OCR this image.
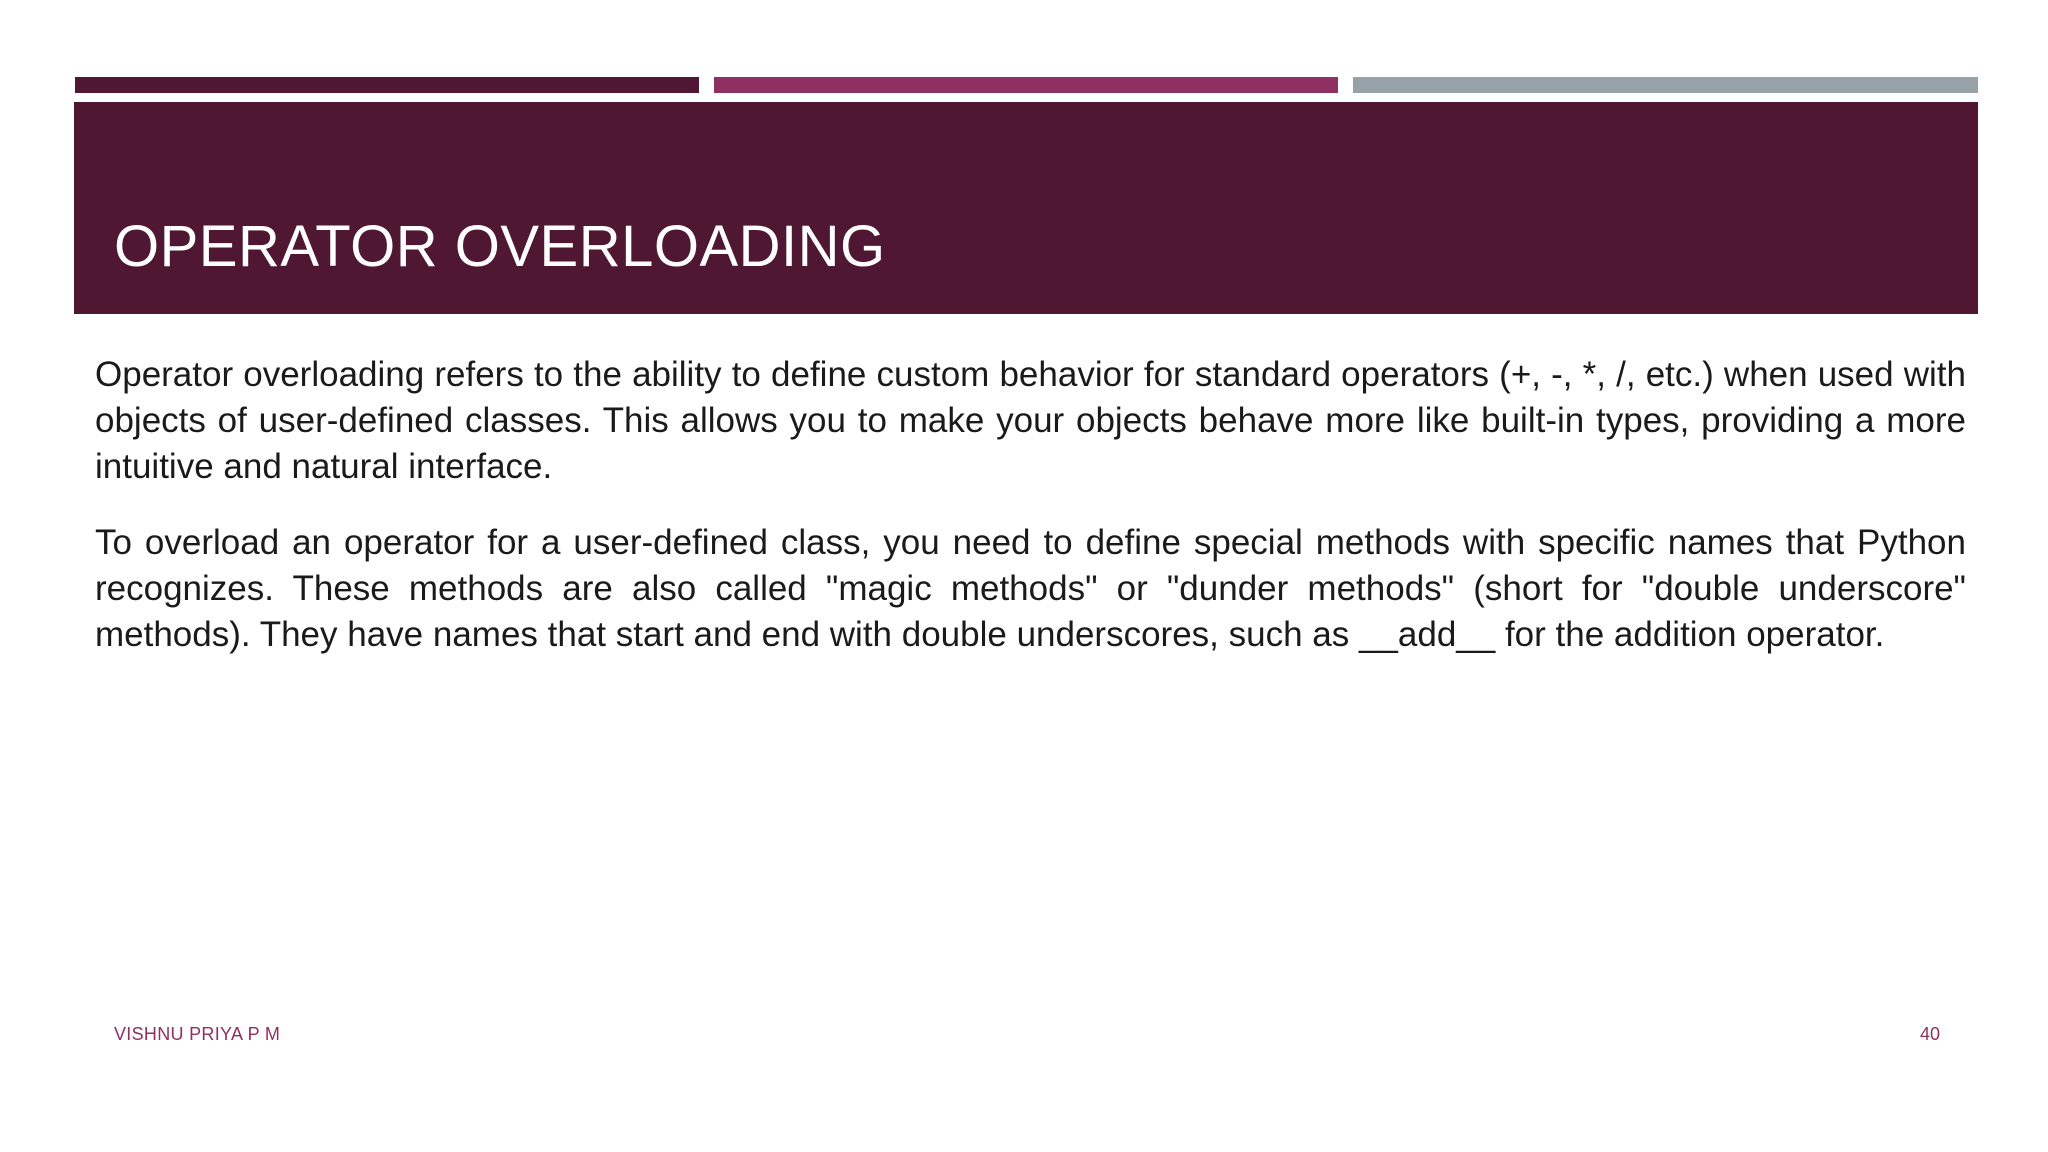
OPERATOR OVERLOADING

Operator overloading refers to the ability to define custom behavior for standard operators (+, -, *, /, etc.) when used with objects of user-defined classes. This allows you to make your objects behave more like built-in types, providing a more intuitive and natural interface.

To overload an operator for a user-defined class, you need to define special methods with specific names that Python recognizes. These methods are also called "magic methods" or "dunder methods" (short for "double underscore" methods). They have names that start and end with double underscores, such as __add__ for the addition operator.

VISHNU PRIYA P M	40
